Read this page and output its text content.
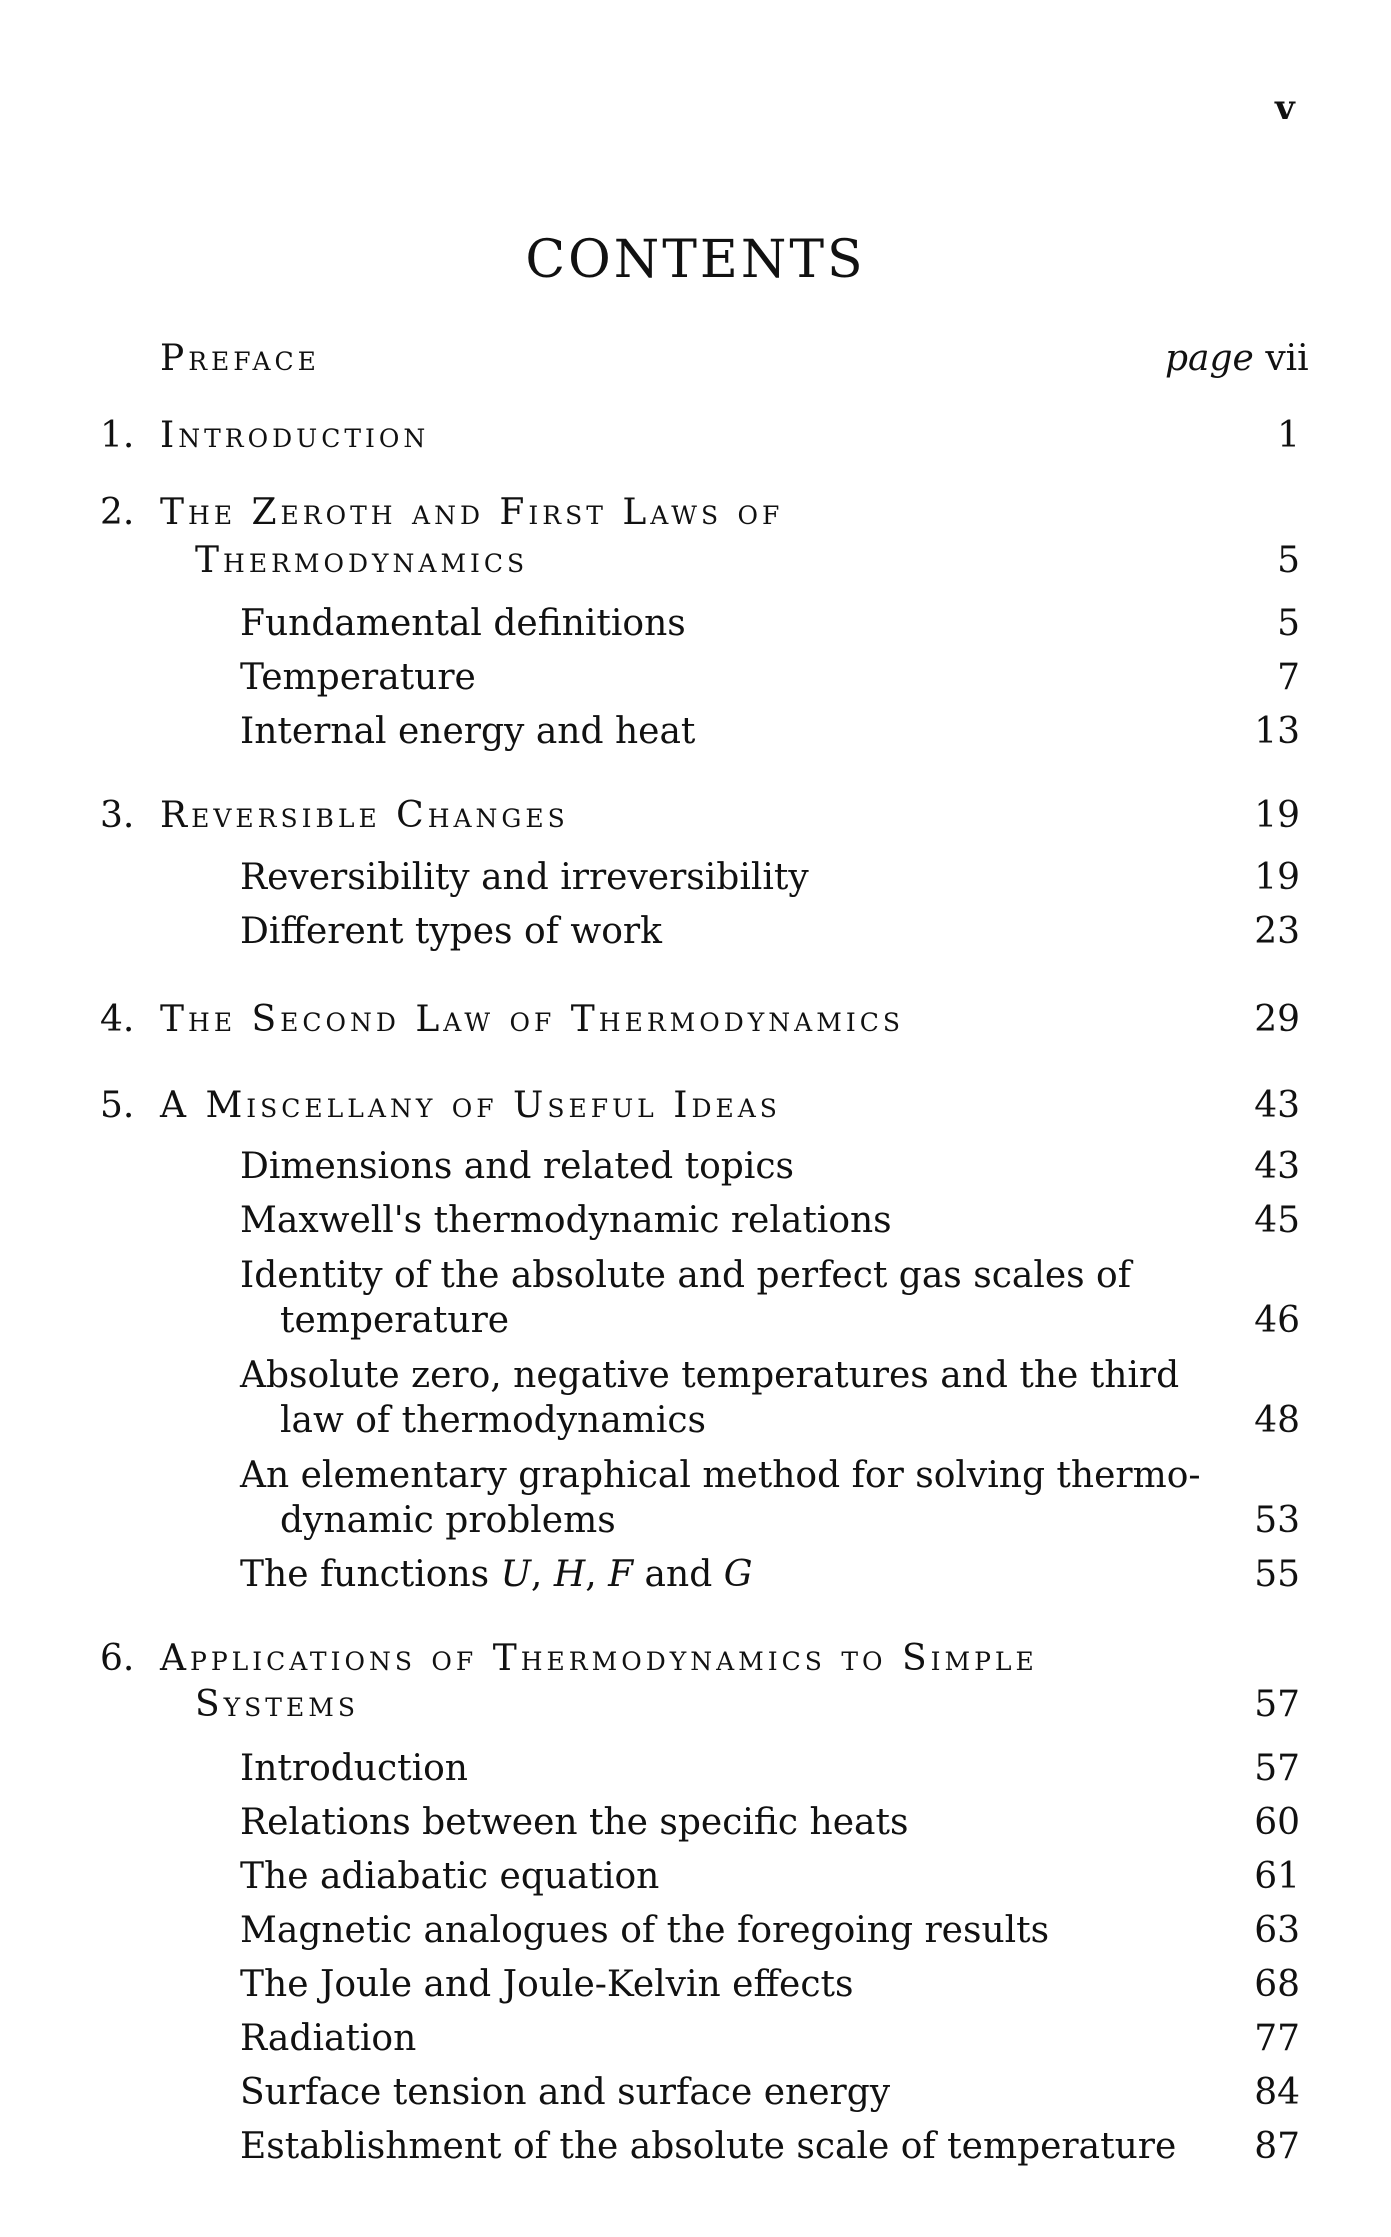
v
CONTENTS
Preface	page vii
1. Introduction	1
2. The Zeroth and First Laws of
Thermodynamics	5
Fundamental definitions	5
Temperature	7
Internal energy and heat	13
3. Reversible Changes	19
Reversibility and irreversibility	19
Different types of work	23
4. The Second Law of Thermodynamics	29
5. A Miscellany of Useful Ideas	43
Dimensions and related topics	43
Maxwell's thermodynamic relations	45
Identity of the absolute and perfect gas scales of
temperature	46
Absolute zero, negative temperatures and the third
law of thermodynamics	48
An elementary graphical method for solving thermo-
dynamic problems	53
The functions U, H, F and G	55
6. Applications of Thermodynamics to Simple
Systems	57
Introduction	57
Relations between the specific heats	60
The adiabatic equation	61
Magnetic analogues of the foregoing results	63
The Joule and Joule-Kelvin effects	68
Radiation	77
Surface tension and surface energy	84
Establishment of the absolute scale of temperature	87
